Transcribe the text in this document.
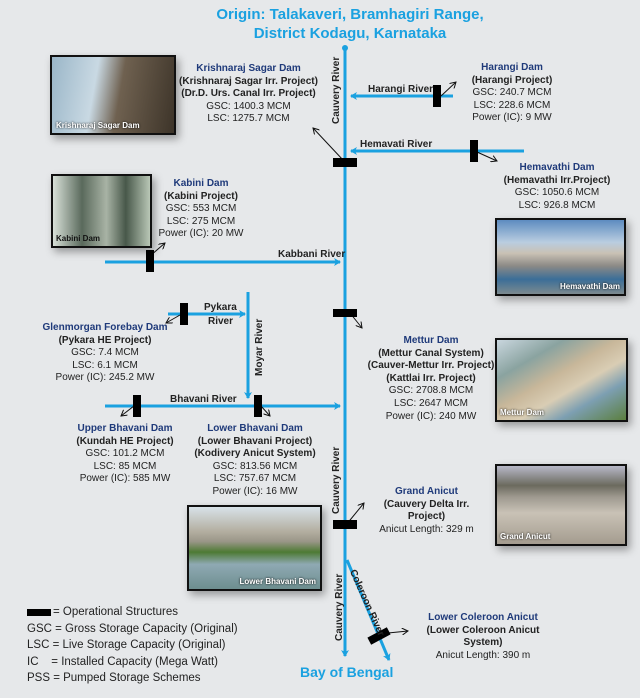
Origin: Talakaveri, Bramhagiri Range,
District Kodagu, Karnataka
Cauvery River
Cauvery River
Cauvery River
Harangi River
Hemavati River
Kabbani River
Pykara
River Moyar River
Bhavani River
Coleroon River
Krishnaraj Sagar Dam
Krishnaraj Sagar Dam
(Krishnaraj Sagar Irr. Project)
(Dr.D. Urs. Canal Irr. Project)
GSC: 1400.3 MCM
LSC: 1275.7 MCM
Harangi Dam
(Harangi Project)
GSC: 240.7 MCM
LSC: 228.6 MCM
Power (IC): 9 MW
Hemavathi Dam
(Hemavathi Irr.Project)
GSC: 1050.6 MCM
LSC: 926.8 MCM
Hemavathi Dam
Kabini Dam
Kabini Dam
(Kabini Project)
GSC: 553 MCM
LSC: 275 MCM
Power (IC): 20 MW
Glenmorgan Forebay Dam
(Pykara HE Project)
GSC: 7.4 MCM
LSC: 6.1 MCM
Power (IC): 245.2 MW
Mettur Dam
(Mettur Canal System)
(Cauver-Mettur Irr. Project)
(Kattlai Irr. Project)
GSC: 2708.8 MCM
LSC: 2647 MCM
Power (IC): 240 MW	Mettur Dam
Upper Bhavani Dam
(Kundah HE Project)
GSC: 101.2 MCM
LSC: 85 MCM
Power (IC): 585 MW
Lower Bhavani Dam
(Lower Bhavani Project)
(Kodivery Anicut System)
GSC: 813.56 MCM
LSC: 757.67 MCM
Power (IC): 16 MW
Lower Bhavani Dam
Grand Anicut
(Cauvery Delta Irr. Project)
Anicut Length: 329 m
Grand Anicut
Lower Coleroon Anicut
(Lower Coleroon Anicut System)
Anicut Length: 390 m
Bay of Bengal
= Operational Structures
GSC = Gross Storage Capacity (Original)
LSC = Live Storage Capacity (Original)
IC    = Installed Capacity (Mega Watt)
PSS = Pumped Storage Schemes
